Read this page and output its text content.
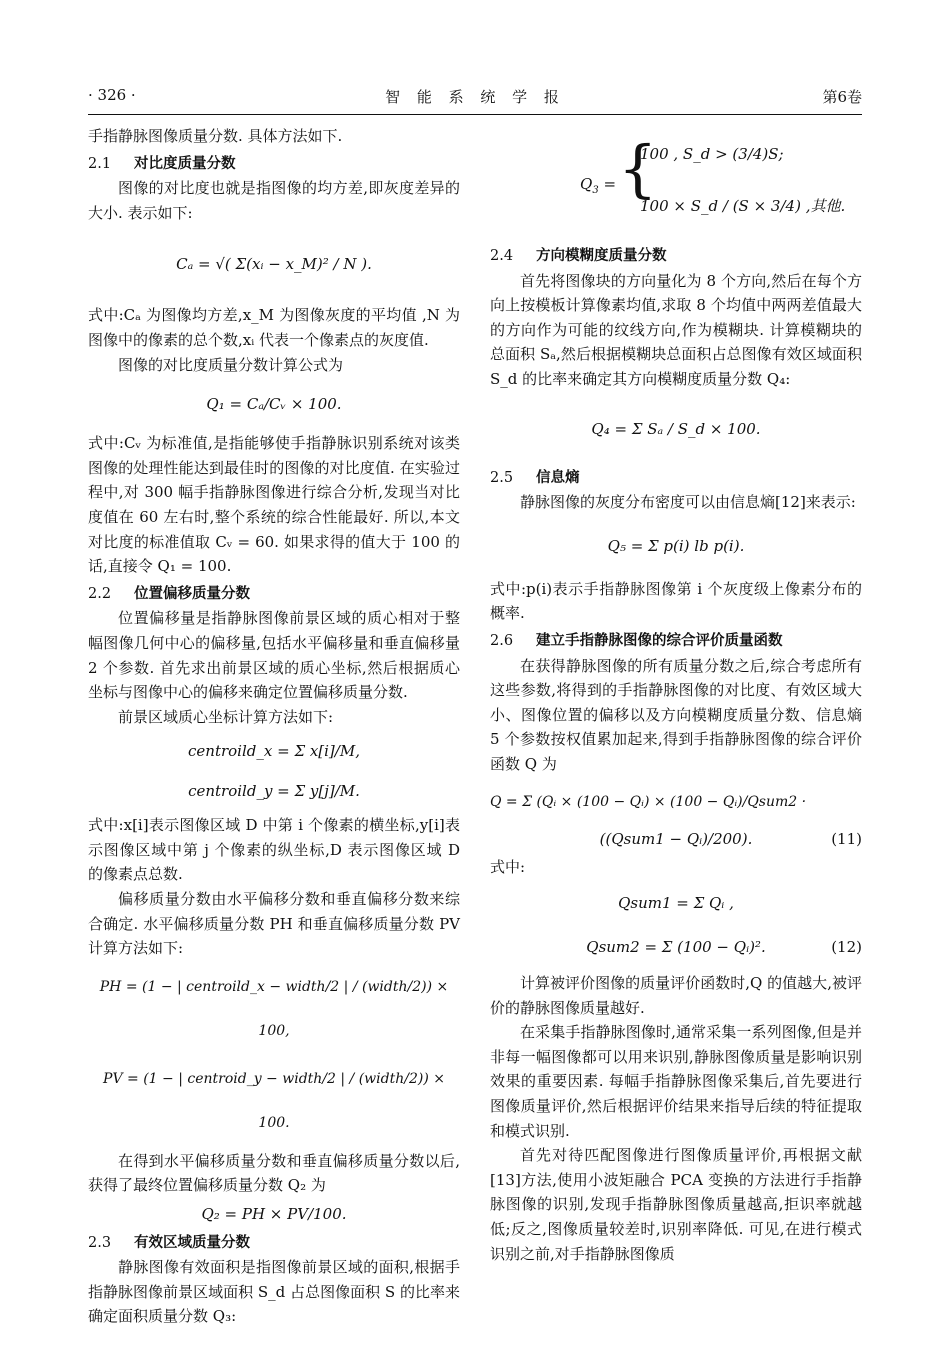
· 326 ·	智 能 系 统 学 报	第6卷

手指静脉图像质量分数. 具体方法如下.

2.1 对比度质量分数

图像的对比度也就是指图像的均方差,即灰度差异的大小. 表示如下:

Cₐ = √( Σ(xᵢ − x_M)² / N ).

式中:Cₐ 为图像均方差,x_M 为图像灰度的平均值 ,N 为图像中的像素的总个数,xᵢ 代表一个像素点的灰度值.

图像的对比度质量分数计算公式为

Q₁ = Cₐ/Cᵥ × 100.

式中:Cᵥ 为标准值,是指能够使手指静脉识别系统对该类图像的处理性能达到最佳时的图像的对比度值. 在实验过程中,对 300 幅手指静脉图像进行综合分析,发现当对比度值在 60 左右时,整个系统的综合性能最好. 所以,本文对比度的标准值取 Cᵥ = 60. 如果求得的值大于 100 的话,直接令 Q₁ = 100.

2.2 位置偏移质量分数

位置偏移量是指静脉图像前景区域的质心相对于整幅图像几何中心的偏移量,包括水平偏移量和垂直偏移量 2 个参数. 首先求出前景区域的质心坐标,然后根据质心坐标与图像中心的偏移来确定位置偏移质量分数.

前景区域质心坐标计算方法如下:

centroild_x = Σ x[i]/M,
centroild_y = Σ y[j]/M.

式中:x[i]表示图像区域 D 中第 i 个像素的横坐标,y[i]表示图像区域中第 j 个像素的纵坐标,D 表示图像区域 D 的像素点总数.

偏移质量分数由水平偏移分数和垂直偏移分数来综合确定. 水平偏移质量分数 PH 和垂直偏移质量分数 PV 计算方法如下:

PH = (1 − | centroild_x − width/2 | / (width/2)) × 100,
PV = (1 − | centroid_y − width/2 | / (width/2)) × 100.

在得到水平偏移质量分数和垂直偏移质量分数以后,获得了最终位置偏移质量分数 Q₂ 为

Q₂ = PH × PV/100.
2.3 有效区域质量分数

静脉图像有效面积是指图像前景区域的面积,根据手指静脉图像前景区域面积 S_d 占总图像面积 S 的比率来确定面积质量分数 Q₃:

$Q_3$ = {
100 , S_d > (3/4)S;
100 × S_d / (S × 3/4) ,其他.
2.4 方向模糊度质量分数

首先将图像块的方向量化为 8 个方向,然后在每个方向上按模板计算像素均值,求取 8 个均值中两两差值最大的方向作为可能的纹线方向,作为模糊块. 计算模糊块的总面积 Sₐ,然后根据模糊块总面积占总图像有效区域面积 S_d 的比率来确定其方向模糊度质量分数 Q₄:

Q₄ = Σ Sₐ / S_d × 100.
2.5 信息熵

静脉图像的灰度分布密度可以由信息熵[12]来表示:

Q₅ = Σ p(i) lb p(i).

式中:p(i)表示手指静脉图像第 i 个灰度级上像素分布的概率.

2.6 建立手指静脉图像的综合评价质量函数

在获得静脉图像的所有质量分数之后,综合考虑所有这些参数,将得到的手指静脉图像的对比度、有效区域大小、图像位置的偏移以及方向模糊度质量分数、信息熵 5 个参数按权值累加起来,得到手指静脉图像的综合评价函数 Q 为

Q = Σ (Qᵢ × (100 − Qᵢ) × (100 − Qᵢ)/Qsum2 ·
((Qsum1 − Qᵢ)/200).	(11)

式中:

Qsum1 = Σ Qᵢ ,
Qsum2 = Σ (100 − Qᵢ)².	(12)

计算被评价图像的质量评价函数时,Q 的值越大,被评价的静脉图像质量越好.

在采集手指静脉图像时,通常采集一系列图像,但是并非每一幅图像都可以用来识别,静脉图像质量是影响识别效果的重要因素. 每幅手指静脉图像采集后,首先要进行图像质量评价,然后根据评价结果来指导后续的特征提取和模式识别.

首先对待匹配图像进行图像质量评价,再根据文献[13]方法,使用小波矩融合 PCA 变换的方法进行手指静脉图像的识别,发现手指静脉图像质量越高,拒识率就越低;反之,图像质量较差时,识别率降低. 可见,在进行模式识别之前,对手指静脉图像质
